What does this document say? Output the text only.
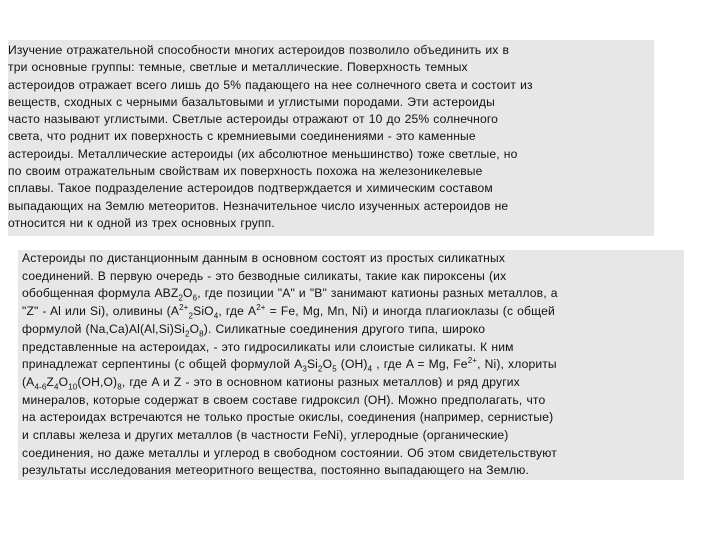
Изучение отражательной способности многих астероидов позволило объединить их в
три основные группы: темные, светлые и металлические. Поверхность темных
астероидов отражает всего лишь до 5% падающего на нее солнечного света и состоит из
веществ, сходных с черными базальтовыми и углистыми породами. Эти астероиды
часто называют углистыми. Светлые астероиды отражают от 10 до 25% солнечного
света, что роднит их поверхность с кремниевыми соединениями - это каменные
астероиды. Металлические астероиды (их абсолютное меньшинство) тоже светлые, но
по своим отражательным свойствам их поверхность похожа на железоникелевые
сплавы. Такое подразделение астероидов подтверждается и химическим составом
выпадающих на Землю метеоритов. Незначительное число изученных астероидов не
относится ни к одной из трех основных групп.
Астероиды по дистанционным данным в основном состоят из простых силикатных
соединений. В первую очередь - это безводные силикаты, такие как пироксены (их
обобщенная формула $ABZ_2O_6$, где позиции "A" и "B" занимают катионы разных металлов, а
"Z" - Al или Si), оливины ($A^{2+}_2SiO_4$, где $A^{2+} = Fe$, Mg, Mn, Ni) и иногда плагиоклазы (с общей
формулой $(Na,Ca)Al(Al,Si)Si_2O_8$). Силикатные соединения другого типа, широко
представленные на астероидах, - это гидросиликаты или слоистые силикаты. К ним
принадлежат серпентины (с общей формулой $A_3Si_2O_5$ $(OH)_4$ , где A = Mg, $Fe^{2+}$, Ni), хлориты
($A_{4-6}Z_4O_{10}(OH,O)_8$, где A и Z - это в основном катионы разных металлов) и ряд других
минералов, которые содержат в своем составе гидроксил (OH). Можно предполагать, что
на астероидах встречаются не только простые окислы, соединения (например, сернистые)
и сплавы железа и других металлов (в частности FeNi), углеродные (органические)
соединения, но даже металлы и углерод в свободном состоянии. Об этом свидетельствуют
результаты исследования метеоритного вещества, постоянно выпадающего на Землю.
